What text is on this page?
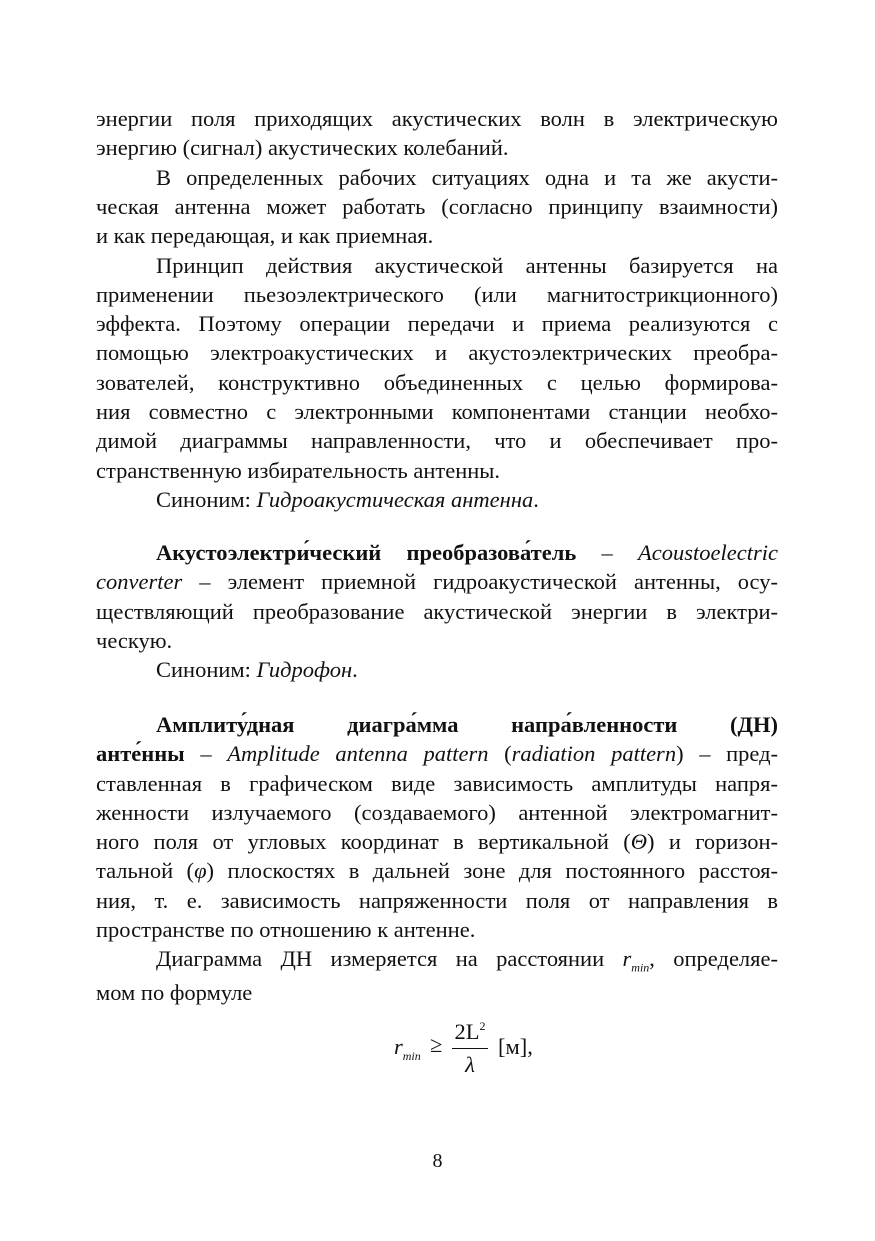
энергии поля приходящих акустических волн в электрическую
энергию (сигнал) акустических колебаний.
В определенных рабочих ситуациях одна и та же акусти-
ческая антенна может работать (согласно принципу взаимности)
и как передающая, и как приемная.
Принцип действия акустической антенны базируется на
применении пьезоэлектрического (или магнитострикционного)
эффекта. Поэтому операции передачи и приема реализуются с
помощью электроакустических и акустоэлектрических преобра-
зователей, конструктивно объединенных с целью формирова-
ния совместно с электронными компонентами станции необхо-
димой диаграммы направленности, что и обеспечивает про-
странственную избирательность антенны.
Синоним: Гидроакустическая антенна.
Акустоэлектри́ческий преобразова́тель – Acoustoelectric
converter – элемент приемной гидроакустической антенны, осу-
ществляющий преобразование акустической энергии в электри-
ческую.
Синоним: Гидрофон.
Амплиту́дная диагра́мма напра́вленности (ДН)
анте́нны – Amplitude antenna pattern (radiation pattern) – пред-
ставленная в графическом виде зависимость амплитуды напря-
женности излучаемого (создаваемого) антенной электромагнит-
ного поля от угловых координат в вертикальной (Θ) и горизон-
тальной (φ) плоскостях в дальней зоне для постоянного расстоя-
ния, т. е. зависимость напряженности поля от направления в
пространстве по отношению к антенне.
Диаграмма ДН измеряется на расстоянии $r_{min}$, определяе-
мом по формуле
$r_{min}$ ≥
$2L^2$
λ
[м],
8
